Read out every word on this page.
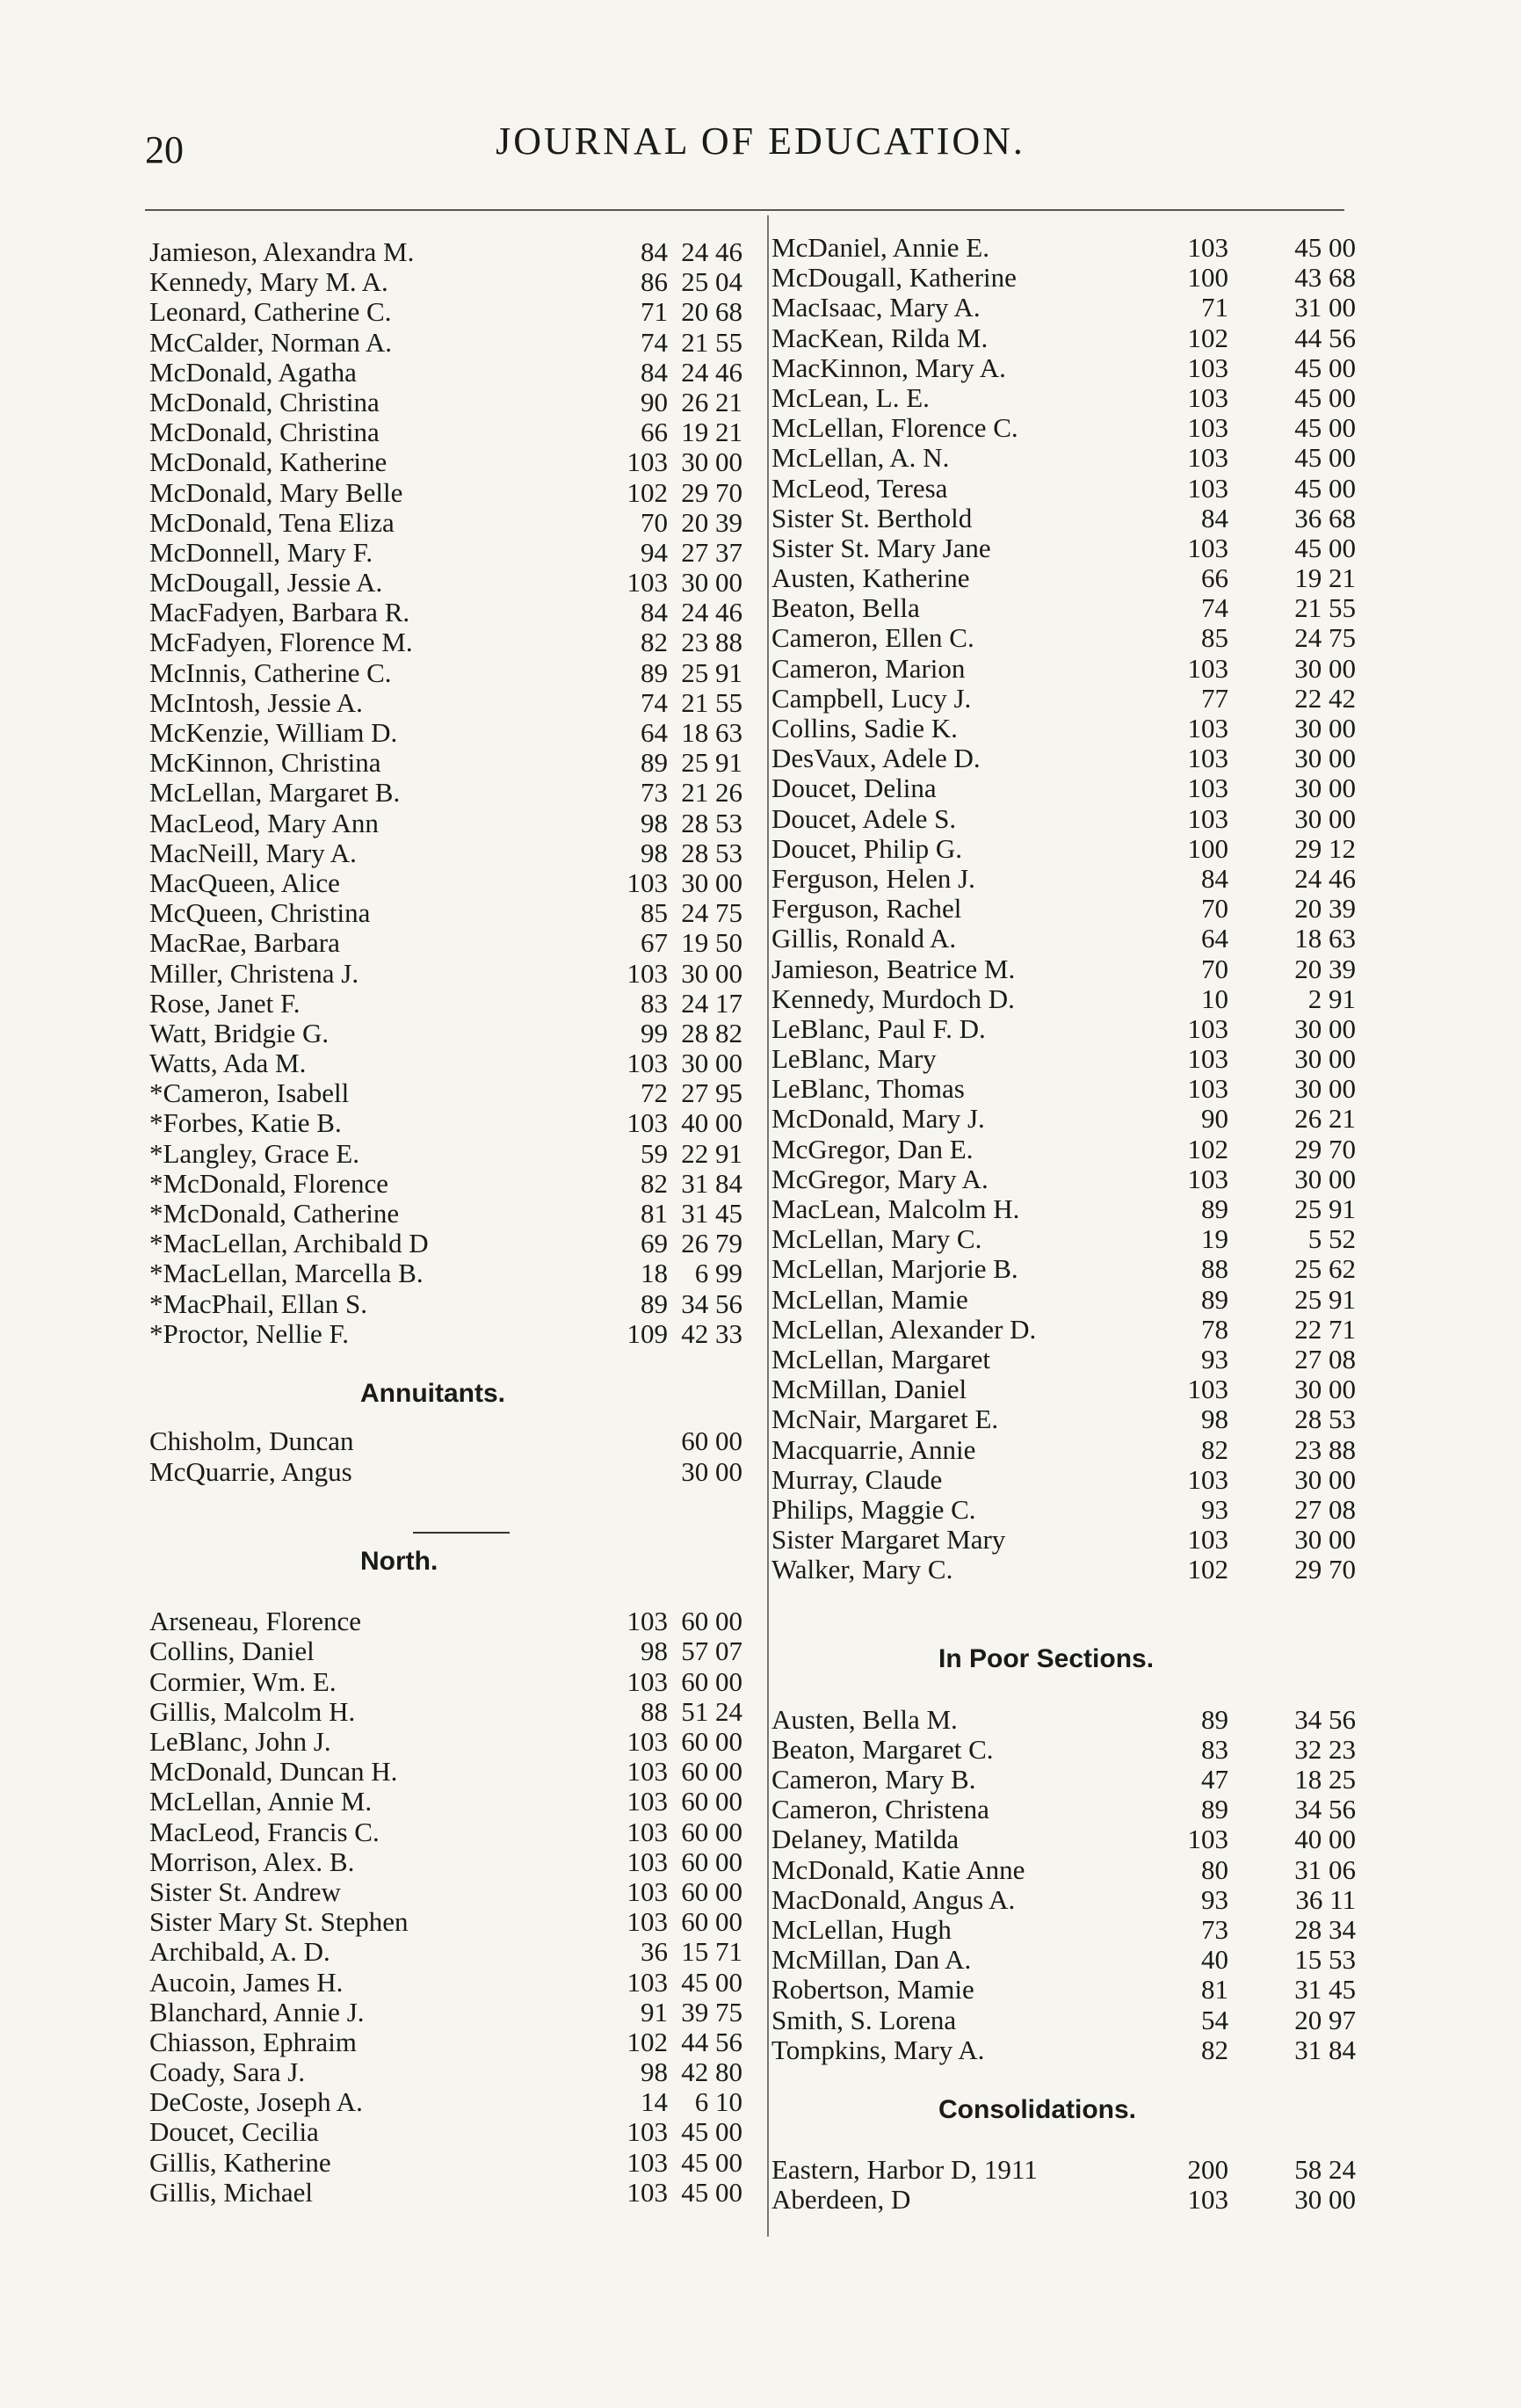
20	JOURNAL OF EDUCATION.
Jamieson, Alexandra M.	84 24 46
Kennedy, Mary M. A.	86 25 04
Leonard, Catherine C.	71 20 68
McCalder, Norman A.	74 21 55
McDonald, Agatha	84 24 46
McDonald, Christina	90 26 21
McDonald, Christina	66 19 21
McDonald, Katherine	103 30 00
McDonald, Mary Belle	102 29 70
McDonald, Tena Eliza	70 20 39
McDonnell, Mary F.	94 27 37
McDougall, Jessie A.	103 30 00
MacFadyen, Barbara R.	84 24 46
McFadyen, Florence M.	82 23 88
McInnis, Catherine C.	89 25 91
McIntosh, Jessie A.	74 21 55
McKenzie, William D.	64 18 63
McKinnon, Christina	89 25 91
McLellan, Margaret B.	73 21 26
MacLeod, Mary Ann	98 28 53
MacNeill, Mary A.	98 28 53
MacQueen, Alice	103 30 00
McQueen, Christina	85 24 75
MacRae, Barbara	67 19 50
Miller, Christena J.	103 30 00
Rose, Janet F.	83 24 17
Watt, Bridgie G.	99 28 82
Watts, Ada M.	103 30 00
*Cameron, Isabell	72 27 95
*Forbes, Katie B.	103 40 00
*Langley, Grace E.	59 22 91
*McDonald, Florence	82 31 84
*McDonald, Catherine	81 31 45
*MacLellan, Archibald D	69 26 79
*MacLellan, Marcella B.	18 6 99
*MacPhail, Ellan S.	89 34 56
*Proctor, Nellie F.	109 42 33
Annuitants.
Chisholm, Duncan	60 00
McQuarrie, Angus	30 00
North.
Arseneau, Florence	103 60 00
Collins, Daniel	98 57 07
Cormier, Wm. E.	103 60 00
Gillis, Malcolm H.	88 51 24
LeBlanc, John J.	103 60 00
McDonald, Duncan H.	103 60 00
McLellan, Annie M.	103 60 00
MacLeod, Francis C.	103 60 00
Morrison, Alex. B.	103 60 00
Sister St. Andrew	103 60 00
Sister Mary St. Stephen	103 60 00
Archibald, A. D.	36 15 71
Aucoin, James H.	103 45 00
Blanchard, Annie J.	91 39 75
Chiasson, Ephraim	102 44 56
Coady, Sara J.	98 42 80
DeCoste, Joseph A.	14 6 10
Doucet, Cecilia	103 45 00
Gillis, Katherine	103 45 00
Gillis, Michael	103 45 00
McDaniel, Annie E.	103	45 00
McDougall, Katherine	100	43 68
MacIsaac, Mary A.	71	31 00
MacKean, Rilda M.	102	44 56
MacKinnon, Mary A.	103	45 00
McLean, L. E.	103	45 00
McLellan, Florence C.	103	45 00
McLellan, A. N.	103	45 00
McLeod, Teresa	103	45 00
Sister St. Berthold	84	36 68
Sister St. Mary Jane	103	45 00
Austen, Katherine	66	19 21
Beaton, Bella	74	21 55
Cameron, Ellen C.	85	24 75
Cameron, Marion	103	30 00
Campbell, Lucy J.	77	22 42
Collins, Sadie K.	103	30 00
DesVaux, Adele D.	103	30 00
Doucet, Delina	103	30 00
Doucet, Adele S.	103	30 00
Doucet, Philip G.	100	29 12
Ferguson, Helen J.	84	24 46
Ferguson, Rachel	70	20 39
Gillis, Ronald A.	64	18 63
Jamieson, Beatrice M.	70	20 39
Kennedy, Murdoch D.	10	2 91
LeBlanc, Paul F. D.	103	30 00
LeBlanc, Mary	103	30 00
LeBlanc, Thomas	103	30 00
McDonald, Mary J.	90	26 21
McGregor, Dan E.	102	29 70
McGregor, Mary A.	103	30 00
MacLean, Malcolm H.	89	25 91
McLellan, Mary C.	19	5 52
McLellan, Marjorie B.	88	25 62
McLellan, Mamie	89	25 91
McLellan, Alexander D.	78	22 71
McLellan, Margaret	93	27 08
McMillan, Daniel	103	30 00
McNair, Margaret E.	98	28 53
Macquarrie, Annie	82	23 88
Murray, Claude	103	30 00
Philips, Maggie C.	93	27 08
Sister Margaret Mary	103	30 00
Walker, Mary C.	102	29 70
In Poor Sections.
Austen, Bella M.	89	34 56
Beaton, Margaret C.	83	32 23
Cameron, Mary B.	47	18 25
Cameron, Christena	89	34 56
Delaney, Matilda	103	40 00
McDonald, Katie Anne	80	31 06
MacDonald, Angus A.	93	36 11
McLellan, Hugh	73	28 34
McMillan, Dan A.	40	15 53
Robertson, Mamie	81	31 45
Smith, S. Lorena	54	20 97
Tompkins, Mary A.	82	31 84
Consolidations.
Eastern, Harbor D, 1911	200	58 24
Aberdeen, D	103	30 00
